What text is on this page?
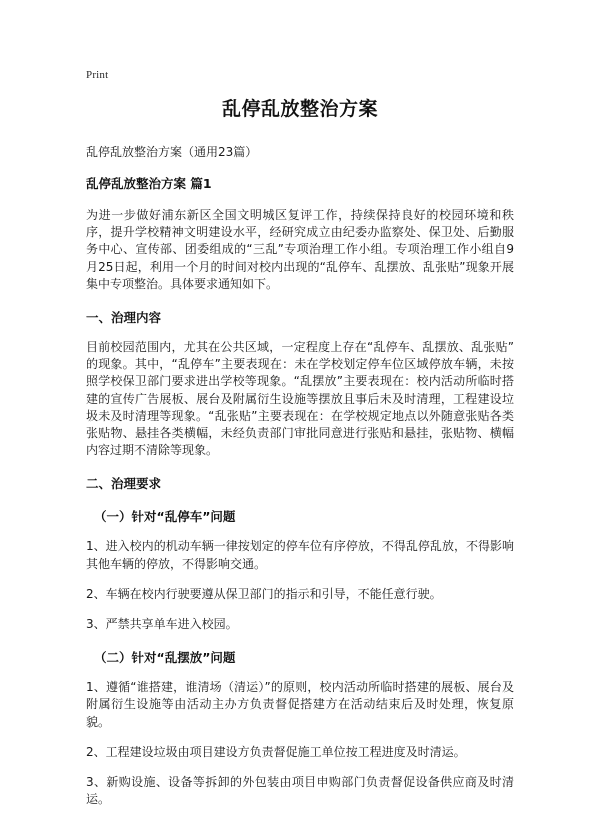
Print
乱停乱放整治方案

乱停乱放整治方案（通用23篇）

乱停乱放整治方案 篇1

为进一步做好浦东新区全国文明城区复评工作，持续保持良好的校园环境和秩序，提升学校精神文明建设水平，经研究成立由纪委办监察处、保卫处、后勤服务中心、宣传部、团委组成的“三乱”专项治理工作小组。专项治理工作小组自9月25日起，利用一个月的时间对校内出现的“乱停车、乱摆放、乱张贴”现象开展集中专项整治。具体要求通知如下。

一、治理内容

目前校园范围内，尤其在公共区域，一定程度上存在“乱停车、乱摆放、乱张贴”的现象。其中，“乱停车”主要表现在：未在学校划定停车位区域停放车辆，未按照学校保卫部门要求进出学校等现象。“乱摆放”主要表现在：校内活动所临时搭建的宣传广告展板、展台及附属衍生设施等摆放且事后未及时清理，工程建设垃圾未及时清理等现象。“乱张贴”主要表现在：在学校规定地点以外随意张贴各类张贴物、悬挂各类横幅，未经负责部门审批同意进行张贴和悬挂，张贴物、横幅内容过期不清除等现象。

二、治理要求
（一）针对“乱停车”问题

1、进入校内的机动车辆一律按划定的停车位有序停放，不得乱停乱放，不得影响其他车辆的停放，不得影响交通。

2、车辆在校内行驶要遵从保卫部门的指示和引导，不能任意行驶。

3、严禁共享单车进入校园。

（二）针对“乱摆放”问题

1、遵循“谁搭建，谁清场（清运）”的原则，校内活动所临时搭建的展板、展台及附属衍生设施等由活动主办方负责督促搭建方在活动结束后及时处理，恢复原貌。

2、工程建设垃圾由项目建设方负责督促施工单位按工程进度及时清运。

3、新购设施、设备等拆卸的外包装由项目申购部门负责督促设备供应商及时清运。
